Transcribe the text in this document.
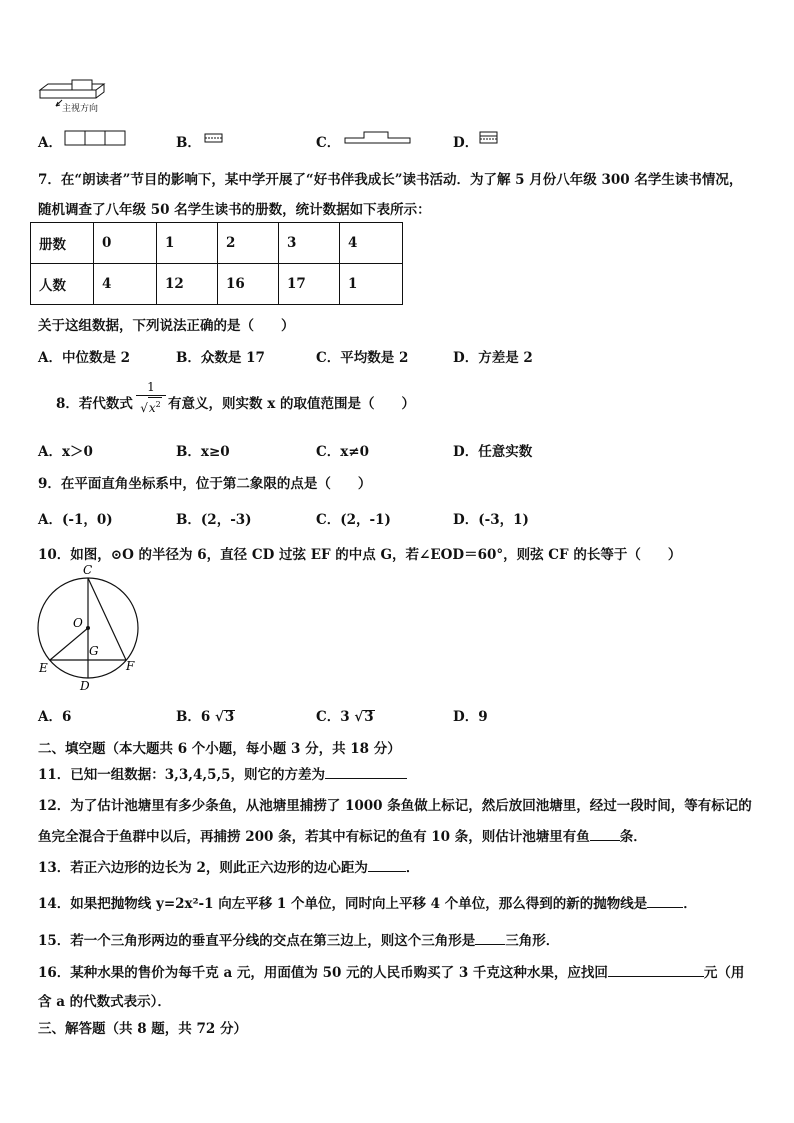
主视方向
A．	B．	C．	D．
7．在“朗读者”节目的影响下，某中学开展了“好书伴我成长”读书活动．为了解 5 月份八年级 300 名学生读书情况，
随机调查了八年级 50 名学生读书的册数，统计数据如下表所示：
册数	0	1	2	3	4
人数	4	12	16	17	1
关于这组数据，下列说法正确的是（　　）
A．中位数是 2	B．众数是 17	C．平均数是 2	D．方差是 2
8．若代数式 $\frac{1}{√x^2}$ 有意义，则实数 x 的取值范围是（　　）
A．x＞0	B．x≥0	C．x≠0	D．任意实数
9．在平面直角坐标系中，位于第二象限的点是（　　）
A．(-1，0)	B．(2，-3)	C．(2，-1)	D．(-3，1)
10．如图，⊙O 的半径为 6，直径 CD 过弦 EF 的中点 G，若∠EOD＝60°，则弦 CF 的长等于（　　）
C
O
G
E	F
D
A．6	B．6 √3	C．3 √3	D．9
二、填空题（本大题共 6 个小题，每小题 3 分，共 18 分）
11．已知一组数据：3,3,4,5,5，则它的方差为
12．为了估计池塘里有多少条鱼，从池塘里捕捞了 1000 条鱼做上标记，然后放回池塘里，经过一段时间，等有标记的
鱼完全混合于鱼群中以后，再捕捞 200 条，若其中有标记的鱼有 10 条，则估计池塘里有鱼 条．
13．若正六边形的边长为 2，则此正六边形的边心距为	．
14．如果把抛物线 y=2x²-1 向左平移 1 个单位，同时向上平移 4 个单位，那么得到的新的抛物线是	．
15．若一个三角形两边的垂直平分线的交点在第三边上，则这个三角形是 三角形．
16．某种水果的售价为每千克 a 元，用面值为 50 元的人民币购买了 3 千克这种水果，应找回	元（用
含 a 的代数式表示）．
三、解答题（共 8 题，共 72 分）
